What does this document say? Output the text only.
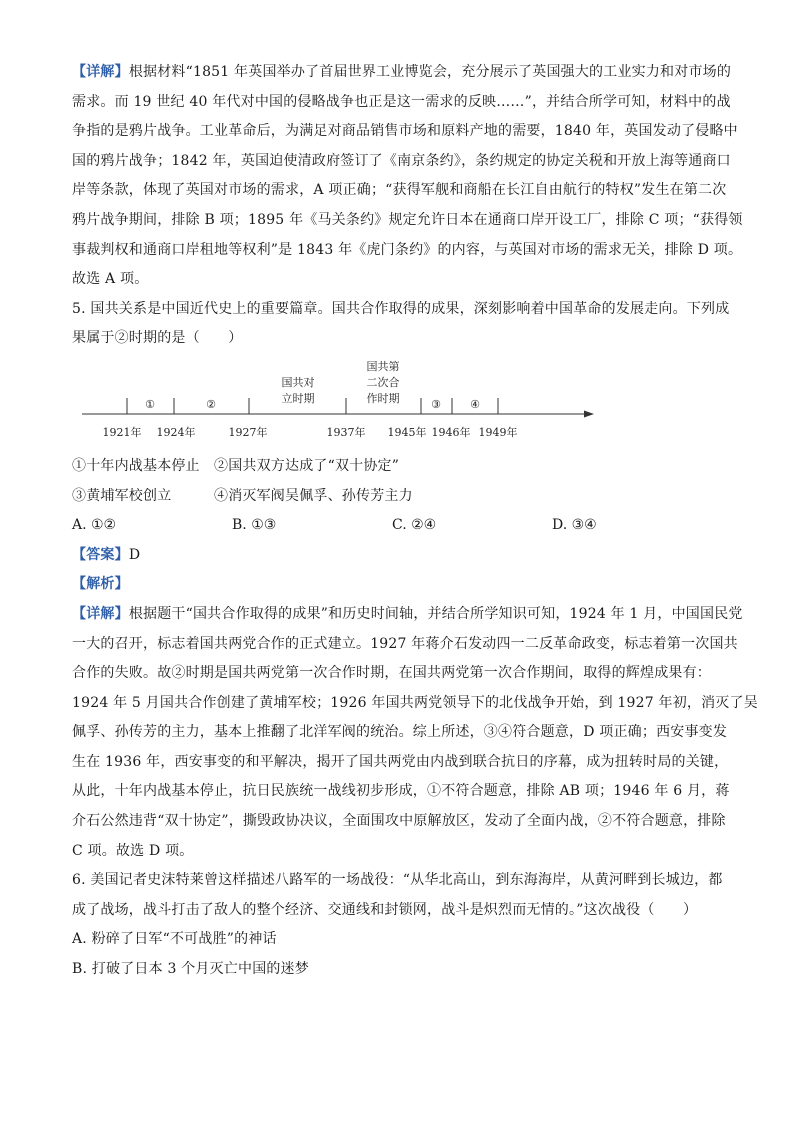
【详解】根据材料“1851 年英国举办了首届世界工业博览会，充分展示了英国强大的工业实力和对市场的
需求。而 19 世纪 40 年代对中国的侵略战争也正是这一需求的反映……”，并结合所学可知，材料中的战
争指的是鸦片战争。工业革命后，为满足对商品销售市场和原料产地的需要，1840 年，英国发动了侵略中
国的鸦片战争；1842 年，英国迫使清政府签订了《南京条约》，条约规定的协定关税和开放上海等通商口
岸等条款，体现了英国对市场的需求，A 项正确；“获得军舰和商船在长江自由航行的特权”发生在第二次
鸦片战争期间，排除 B 项；1895 年《马关条约》规定允许日本在通商口岸开设工厂，排除 C 项；“获得领
事裁判权和通商口岸租地等权利”是 1843 年《虎门条约》的内容，与英国对市场的需求无关，排除 D 项。
故选 A 项。
5. 国共关系是中国近代史上的重要篇章。国共合作取得的成果，深刻影响着中国革命的发展走向。下列成
果属于②时期的是（　　）
①	②
国共对
立时期
国共第
二次合
作时期	③	④
1921年 1924年	1927年	1937年 1945年 1946年 1949年
①十年内战基本停止　②国共双方达成了“双十协定”
③黄埔军校创立　　　④消灭军阀吴佩孚、孙传芳主力
A. ①②	B. ①③	C. ②④	D. ③④
【答案】D
【解析】
【详解】根据题干“国共合作取得的成果”和历史时间轴，并结合所学知识可知，1924 年 1 月，中国国民党
一大的召开，标志着国共两党合作的正式建立。1927 年蒋介石发动四一二反革命政变，标志着第一次国共
合作的失败。故②时期是国共两党第一次合作时期，在国共两党第一次合作期间，取得的辉煌成果有：
1924 年 5 月国共合作创建了黄埔军校；1926 年国共两党领导下的北伐战争开始，到 1927 年初，消灭了吴
佩孚、孙传芳的主力，基本上推翻了北洋军阀的统治。综上所述，③④符合题意，D 项正确；西安事变发
生在 1936 年，西安事变的和平解决，揭开了国共两党由内战到联合抗日的序幕，成为扭转时局的关键，
从此，十年内战基本停止，抗日民族统一战线初步形成，①不符合题意，排除 AB 项；1946 年 6 月，蒋
介石公然违背“双十协定”，撕毁政协决议，全面围攻中原解放区，发动了全面内战，②不符合题意，排除
C 项。故选 D 项。
6. 美国记者史沫特莱曾这样描述八路军的一场战役：“从华北高山，到东海海岸，从黄河畔到长城边，都
成了战场，战斗打击了敌人的整个经济、交通线和封锁网，战斗是炽烈而无情的。”这次战役（　　）
A. 粉碎了日军“不可战胜”的神话
B. 打破了日本 3 个月灭亡中国的迷梦
